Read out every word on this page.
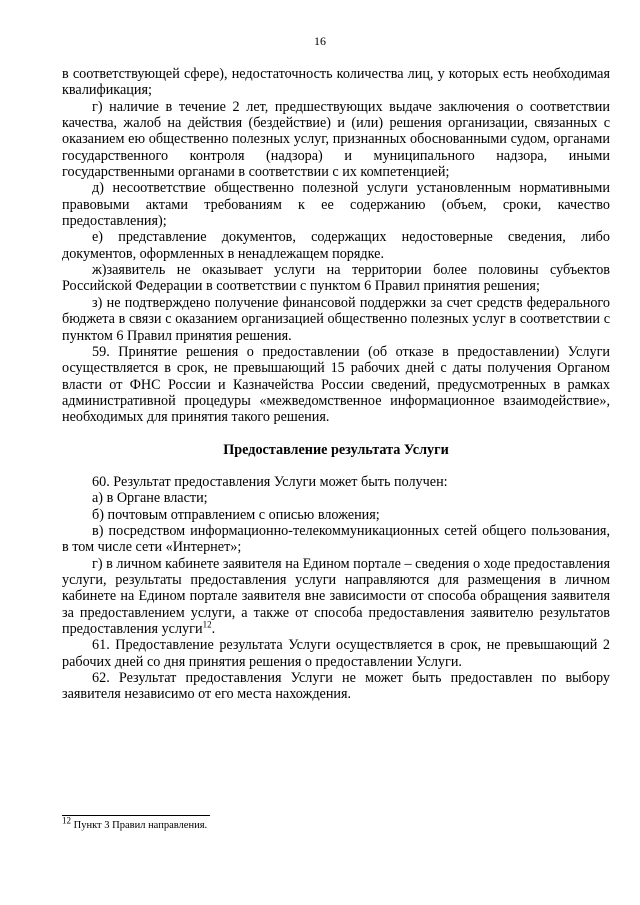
16

в соответствующей сфере), недостаточность количества лиц, у которых есть необходимая квалификация;

г) наличие в течение 2 лет, предшествующих выдаче заключения о соответствии качества, жалоб на действия (бездействие) и (или) решения организации, связанных с оказанием ею общественно полезных услуг, признанных обоснованными судом, органами государственного контроля (надзора) и муниципального надзора, иными государственными органами в соответствии с их компетенцией;

д) несоответствие общественно полезной услуги установленным нормативными правовыми актами требованиям к ее содержанию (объем, сроки, качество предоставления);

е) представление документов, содержащих недостоверные сведения, либо документов, оформленных в ненадлежащем порядке.

ж)заявитель не оказывает услуги на территории более половины субъектов Российской Федерации в соответствии с пунктом 6 Правил принятия решения;

з) не подтверждено получение финансовой поддержки за счет средств федерального бюджета в связи с оказанием организацией общественно полезных услуг в соответствии с пунктом 6 Правил принятия решения.

59. Принятие решения о предоставлении (об отказе в предоставлении) Услуги осуществляется в срок, не превышающий 15 рабочих дней с даты получения Органом власти от ФНС России и Казначейства России сведений, предусмотренных в рамках административной процедуры «межведомственное информационное взаимодействие», необходимых для принятия такого решения.

Предоставление результата Услуги

60. Результат предоставления Услуги может быть получен:

а) в Органе власти;

б) почтовым отправлением с описью вложения;

в) посредством информационно-телекоммуникационных сетей общего пользования, в том числе сети «Интернет»;

г) в личном кабинете заявителя на Едином портале – сведения о ходе предоставления услуги, результаты предоставления услуги направляются для размещения в личном кабинете на Едином портале заявителя вне зависимости от способа обращения заявителя за предоставлением услуги, а также от способа предоставления заявителю результатов предоставления услуги$^{12}$.

61. Предоставление результата Услуги осуществляется в срок, не превышающий 2 рабочих дней со дня принятия решения о предоставлении Услуги.

62. Результат предоставления Услуги не может быть предоставлен по выбору заявителя независимо от его места нахождения.

$^{12}$ Пункт 3 Правил направления.
